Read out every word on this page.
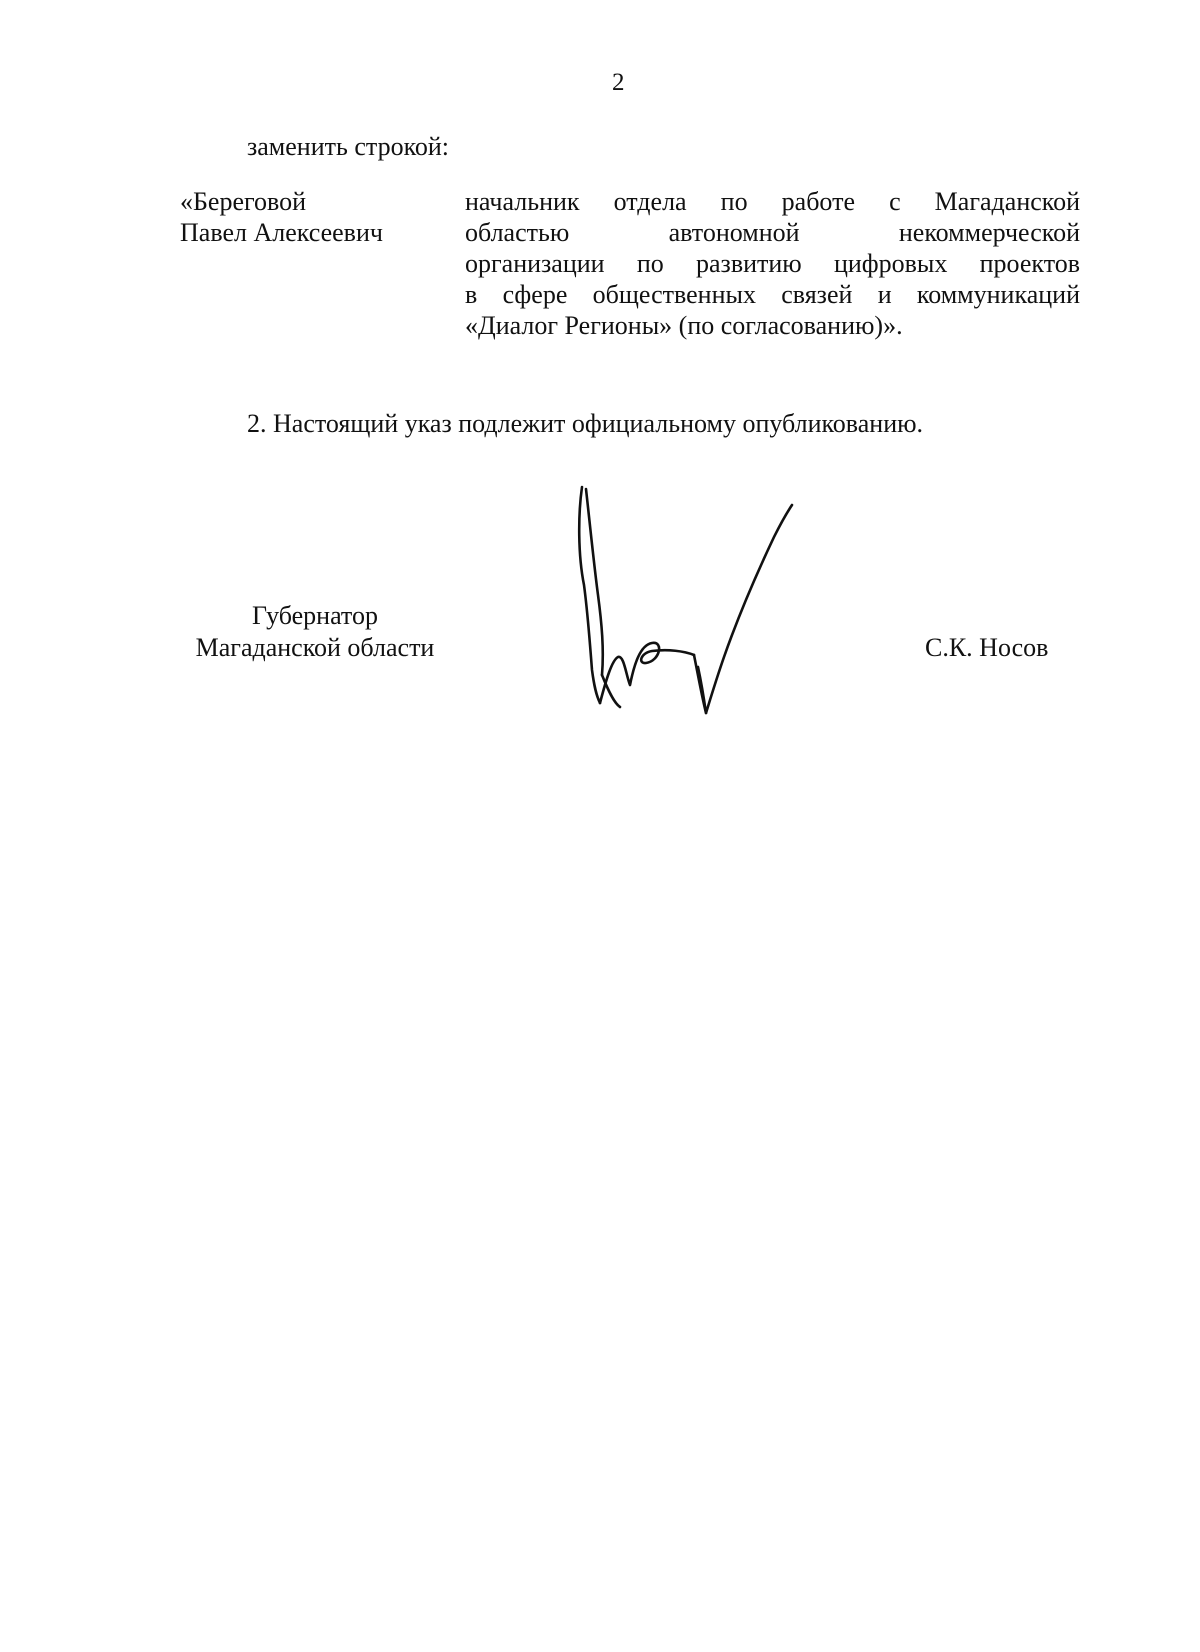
2
заменить строкой:
«Береговой
Павел Алексеевич
начальник отдела по работе с Магаданской
областью автономной некоммерческой
организации по развитию цифровых проектов
в сфере общественных связей и коммуникаций
«Диалог Регионы» (по согласованию)».
2. Настоящий указ подлежит официальному опубликованию.
Губернатор
Магаданской области	С.К. Носов
